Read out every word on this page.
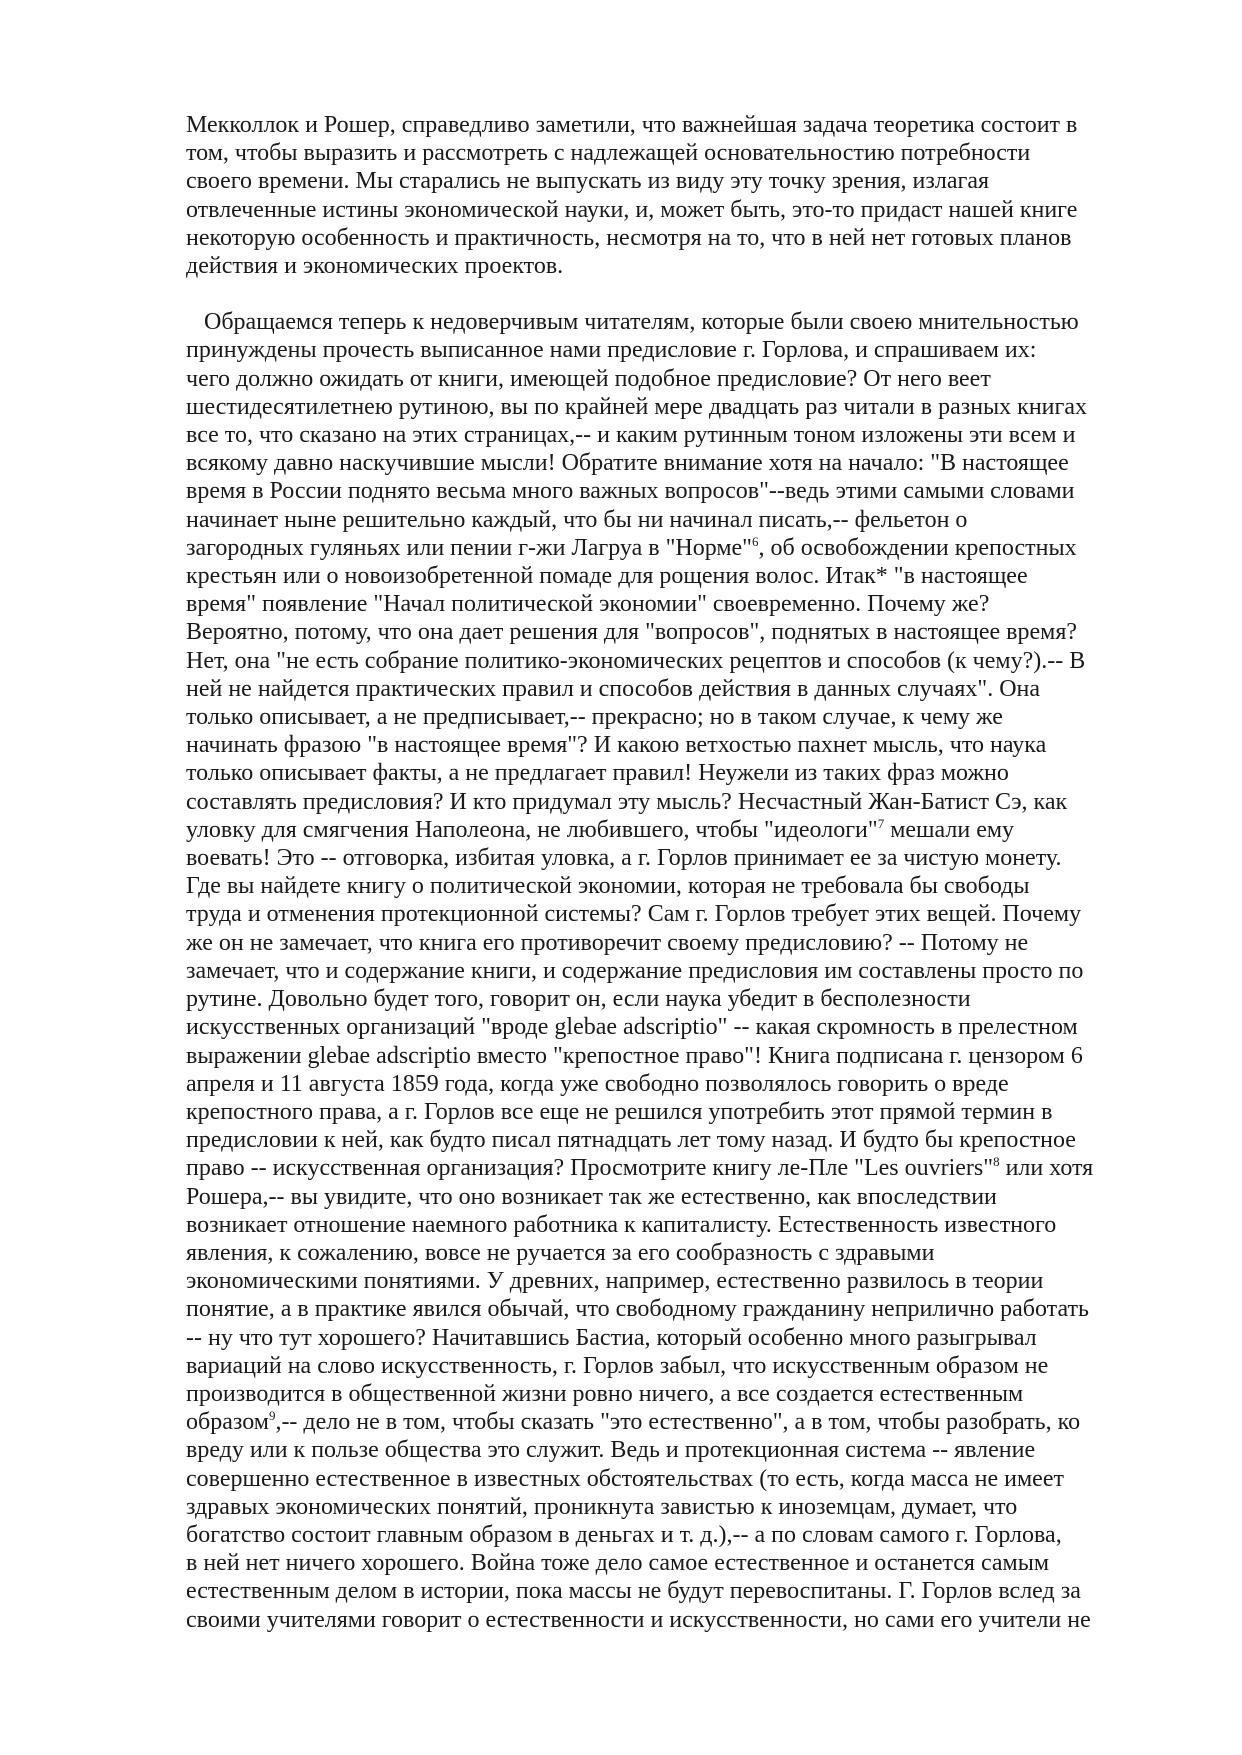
Мекколлок и Рошер, справедливо заметили, что важнейшая задача теоретика состоит в
том, чтобы выразить и рассмотреть с надлежащей основательностию потребности
своего времени. Мы старались не выпускать из виду эту точку зрения, излагая
отвлеченные истины экономической науки, и, может быть, это-то придаст нашей книге
некоторую особенность и практичность, несмотря на то, что в ней нет готовых планов
действия и экономических проектов.

Обращаемся теперь к недоверчивым читателям, которые были своею мнительностью
принуждены прочесть выписанное нами предисловие г. Горлова, и спрашиваем их:
чего должно ожидать от книги, имеющей подобное предисловие? От него веет
шестидесятилетнею рутиною, вы по крайней мере двадцать раз читали в разных книгах
все то, что сказано на этих страницах,-- и каким рутинным тоном изложены эти всем и
всякому давно наскучившие мысли! Обратите внимание хотя на начало: "В настоящее
время в России поднято весьма много важных вопросов"--ведь этими самыми словами
начинает ныне решительно каждый, что бы ни начинал писать,-- фельетон о
загородных гуляньях или пении г-жи Лагруа в "Норме"$^6$, об освобождении крепостных
крестьян или о новоизобретенной помаде для рощения волос. Итак* "в настоящее
время" появление "Начал политической экономии" своевременно. Почему же?
Вероятно, потому, что она дает решения для "вопросов", поднятых в настоящее время?
Нет, она "не есть собрание политико-экономических рецептов и способов (к чему?).-- В
ней не найдется практических правил и способов действия в данных случаях". Она
только описывает, а не предписывает,-- прекрасно; но в таком случае, к чему же
начинать фразою "в настоящее время"? И какою ветхостью пахнет мысль, что наука
только описывает факты, а не предлагает правил! Неужели из таких фраз можно
составлять предисловия? И кто придумал эту мысль? Несчастный Жан-Батист Сэ, как
уловку для смягчения Наполеона, не любившего, чтобы "идеологи"$^7$ мешали ему
воевать! Это -- отговорка, избитая уловка, а г. Горлов принимает ее за чистую монету.
Где вы найдете книгу о политической экономии, которая не требовала бы свободы
труда и отменения протекционной системы? Сам г. Горлов требует этих вещей. Почему
же он не замечает, что книга его противоречит своему предисловию? -- Потому не
замечает, что и содержание книги, и содержание предисловия им составлены просто по
рутине. Довольно будет того, говорит он, если наука убедит в бесполезности
искусственных организаций "вроде glebae adscriptio" -- какая скромность в прелестном
выражении glebae adscriptio вместо "крепостное право"! Книга подписана г. цензором 6
апреля и 11 августа 1859 года, когда уже свободно позволялось говорить о вреде
крепостного права, а г. Горлов все еще не решился употребить этот прямой термин в
предисловии к ней, как будто писал пятнадцать лет тому назад. И будто бы крепостное
право -- искусственная организация? Просмотрите книгу ле-Пле "Les ouvriers"$^8$ или хотя
Рошера,-- вы увидите, что оно возникает так же естественно, как впоследствии
возникает отношение наемного работника к капиталисту. Естественность известного
явления, к сожалению, вовсе не ручается за его сообразность с здравыми
экономическими понятиями. У древних, например, естественно развилось в теории
понятие, а в практике явился обычай, что свободному гражданину неприлично работать
-- ну что тут хорошего? Начитавшись Бастиа, который особенно много разыгрывал
вариаций на слово искусственность, г. Горлов забыл, что искусственным образом не
производится в общественной жизни ровно ничего, а все создается естественным
образом$^9$,-- дело не в том, чтобы сказать "это естественно", а в том, чтобы разобрать, ко
вреду или к пользе общества это служит. Ведь и протекционная система -- явление
совершенно естественное в известных обстоятельствах (то есть, когда масса не имеет
здравых экономических понятий, проникнута завистью к иноземцам, думает, что
богатство состоит главным образом в деньгах и т. д.),-- а по словам самого г. Горлова,
в ней нет ничего хорошего. Война тоже дело самое естественное и останется самым
естественным делом в истории, пока массы не будут перевоспитаны. Г. Горлов вслед за
своими учителями говорит о естественности и искусственности, но сами его учители не
